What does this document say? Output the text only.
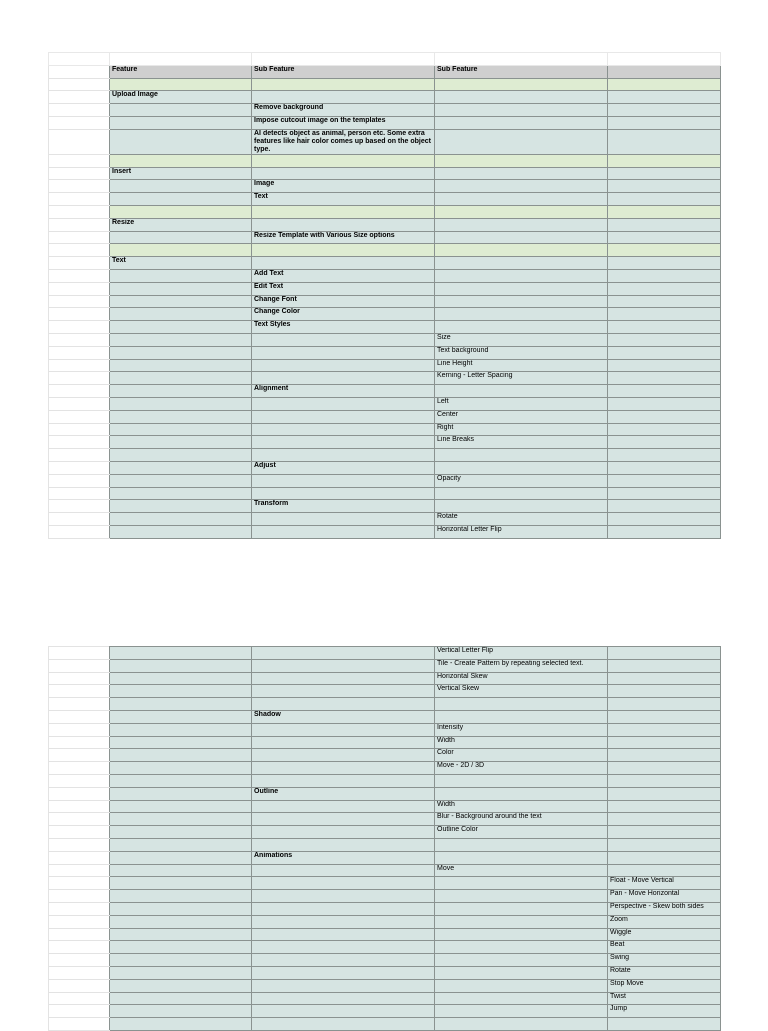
	Feature	Sub Feature	Sub Feature	

	Upload Image			
		Remove background		
		Impose cutcout image on the templates		
		AI detects object as animal, person etc. Some extra features like hair color comes up based on the object type.		

	Insert			
		Image		
		Text		

	Resize			
		Resize Template with Various Size options		

	Text			
		Add Text		
		Edit Text		
		Change Font		
		Change Color		
		Text Styles		
			Size	
			Text background	
			Line Height	
			Kerning - Letter Spacing	
		Alignment		
			Left	
			Center	
			Right	
			Line Breaks	

		Adjust		
			Opacity	

		Transform		
			Rotate	
			Horizontal Letter Flip	
			Vertical Letter Flip	
			Tile - Create Pattern by repeating selected text.	
			Horizontal Skew	
			Vertical Skew	

		Shadow		
			Intensity	
			Width	
			Color	
			Move - 2D / 3D	

		Outline		
			Width	
			Blur - Background around the text	
			Outline Color	

		Animations		
			Move	
				Float - Move Vertical
				Pan - Move Horizontal
				Perspective - Skew both sides
				Zoom
				Wiggle
				Beat
				Swing
				Rotate
				Stop Move
				Twist
				Jump
